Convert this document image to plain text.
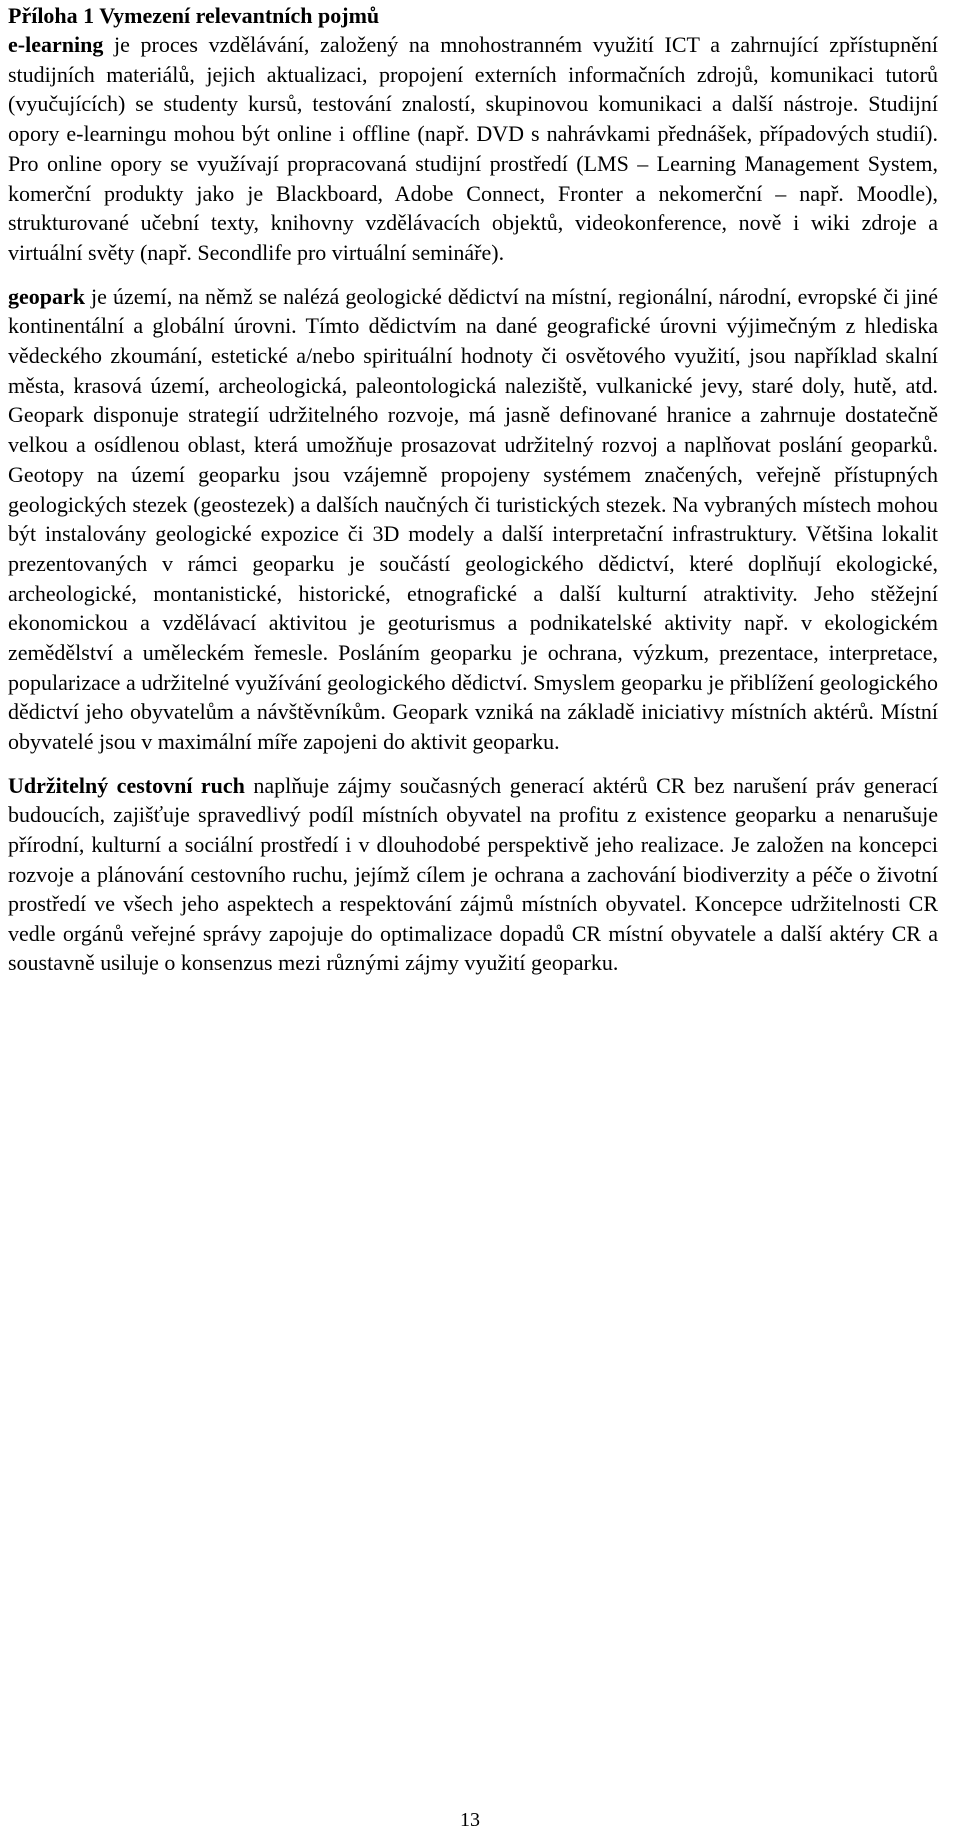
Příloha 1 Vymezení relevantních pojmů

e-learning je proces vzdělávání, založený na mnohostranném využití ICT a zahrnující zpřístupnění studijních materiálů, jejich aktualizaci, propojení externích informačních zdrojů, komunikaci tutorů (vyučujících) se studenty kursů, testování znalostí, skupinovou komunikaci a další nástroje. Studijní opory e-learningu mohou být online i offline (např. DVD s nahrávkami přednášek, případových studií). Pro online opory se využívají propracovaná studijní prostředí (LMS – Learning Management System, komerční produkty jako je Blackboard, Adobe Connect, Fronter a nekomerční – např. Moodle), strukturované učební texty, knihovny vzdělávacích objektů, videokonference, nově i wiki zdroje a virtuální světy (např. Secondlife pro virtuální semináře).

geopark je území, na němž se nalézá geologické dědictví na místní, regionální, národní, evropské či jiné kontinentální a globální úrovni. Tímto dědictvím na dané geografické úrovni výjimečným z hlediska vědeckého zkoumání, estetické a/nebo spirituální hodnoty či osvětového využití, jsou například skalní města, krasová území, archeologická, paleontologická naleziště, vulkanické jevy, staré doly, hutě, atd. Geopark disponuje strategií udržitelného rozvoje, má jasně definované hranice a zahrnuje dostatečně velkou a osídlenou oblast, která umožňuje prosazovat udržitelný rozvoj a naplňovat poslání geoparků. Geotopy na území geoparku jsou vzájemně propojeny systémem značených, veřejně přístupných geologických stezek (geostezek) a dalších naučných či turistických stezek. Na vybraných místech mohou být instalovány geologické expozice či 3D modely a další interpretační infrastruktury. Většina lokalit prezentovaných v rámci geoparku je součástí geologického dědictví, které doplňují ekologické, archeologické, montanistické, historické, etnografické a další kulturní atraktivity. Jeho stěžejní ekonomickou a vzdělávací aktivitou je geoturismus a podnikatelské aktivity např. v ekologickém zemědělství a uměleckém řemesle. Posláním geoparku je ochrana, výzkum, prezentace, interpretace, popularizace a udržitelné využívání geologického dědictví. Smyslem geoparku je přiblížení geologického dědictví jeho obyvatelům a návštěvníkům. Geopark vzniká na základě iniciativy místních aktérů. Místní obyvatelé jsou v maximální míře zapojeni do aktivit geoparku.

Udržitelný cestovní ruch naplňuje zájmy současných generací aktérů CR bez narušení práv generací budoucích, zajišťuje spravedlivý podíl místních obyvatel na profitu z existence geoparku a nenarušuje přírodní, kulturní a sociální prostředí i v dlouhodobé perspektivě jeho realizace. Je založen na koncepci rozvoje a plánování cestovního ruchu, jejímž cílem je ochrana a zachování biodiverzity a péče o životní prostředí ve všech jeho aspektech a respektování zájmů místních obyvatel. Koncepce udržitelnosti CR vedle orgánů veřejné správy zapojuje do optimalizace dopadů CR místní obyvatele a další aktéry CR a soustavně usiluje o konsenzus mezi různými zájmy využití geoparku.

13
